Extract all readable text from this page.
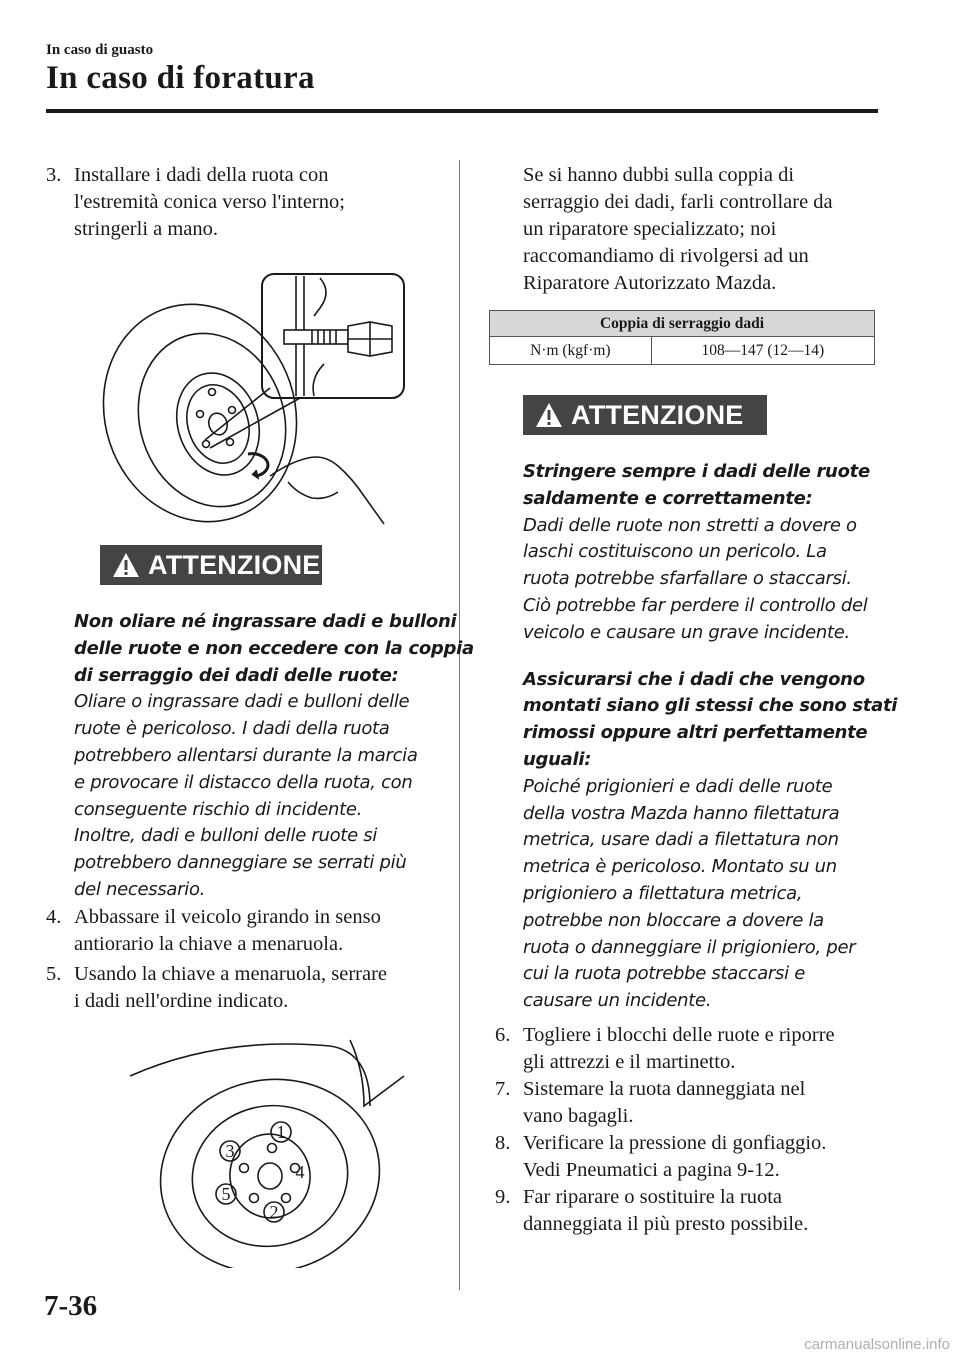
In caso di guasto
In caso di foratura
3. Installare i dadi della ruota con
l'estremità conica verso l'interno;
stringerli a mano.
ATTENZIONE
Non oliare né ingrassare dadi e bulloni
delle ruote e non eccedere con la coppia
di serraggio dei dadi delle ruote:
Oliare o ingrassare dadi e bulloni delle
ruote è pericoloso. I dadi della ruota
potrebbero allentarsi durante la marcia
e provocare il distacco della ruota, con
conseguente rischio di incidente.
Inoltre, dadi e bulloni delle ruote si
potrebbero danneggiare se serrati più
del necessario.
4. Abbassare il veicolo girando in senso
antiorario la chiave a menaruola.
5. Usando la chiave a menaruola, serrare
i dadi nell'ordine indicato.
1
2
3
4
5
Se si hanno dubbi sulla coppia di
serraggio dei dadi, farli controllare da
un riparatore specializzato; noi
raccomandiamo di rivolgersi ad un
Riparatore Autorizzato Mazda.
Coppia di serraggio dadi
N·m (kgf·m)	108—147 (12—14)
ATTENZIONE
Stringere sempre i dadi delle ruote
saldamente e correttamente:
Dadi delle ruote non stretti a dovere o
laschi costituiscono un pericolo. La
ruota potrebbe sfarfallare o staccarsi.
Ciò potrebbe far perdere il controllo del
veicolo e causare un grave incidente.
Assicurarsi che i dadi che vengono
montati siano gli stessi che sono stati
rimossi oppure altri perfettamente
uguali:
Poiché prigionieri e dadi delle ruote
della vostra Mazda hanno filettatura
metrica, usare dadi a filettatura non
metrica è pericoloso. Montato su un
prigioniero a filettatura metrica,
potrebbe non bloccare a dovere la
ruota o danneggiare il prigioniero, per
cui la ruota potrebbe staccarsi e
causare un incidente.
6. Togliere i blocchi delle ruote e riporre
gli attrezzi e il martinetto.
7. Sistemare la ruota danneggiata nel
vano bagagli.
8. Verificare la pressione di gonfiaggio.
Vedi Pneumatici a pagina 9-12.
9. Far riparare o sostituire la ruota
danneggiata il più presto possibile.
7-36
carmanualsonline.info
